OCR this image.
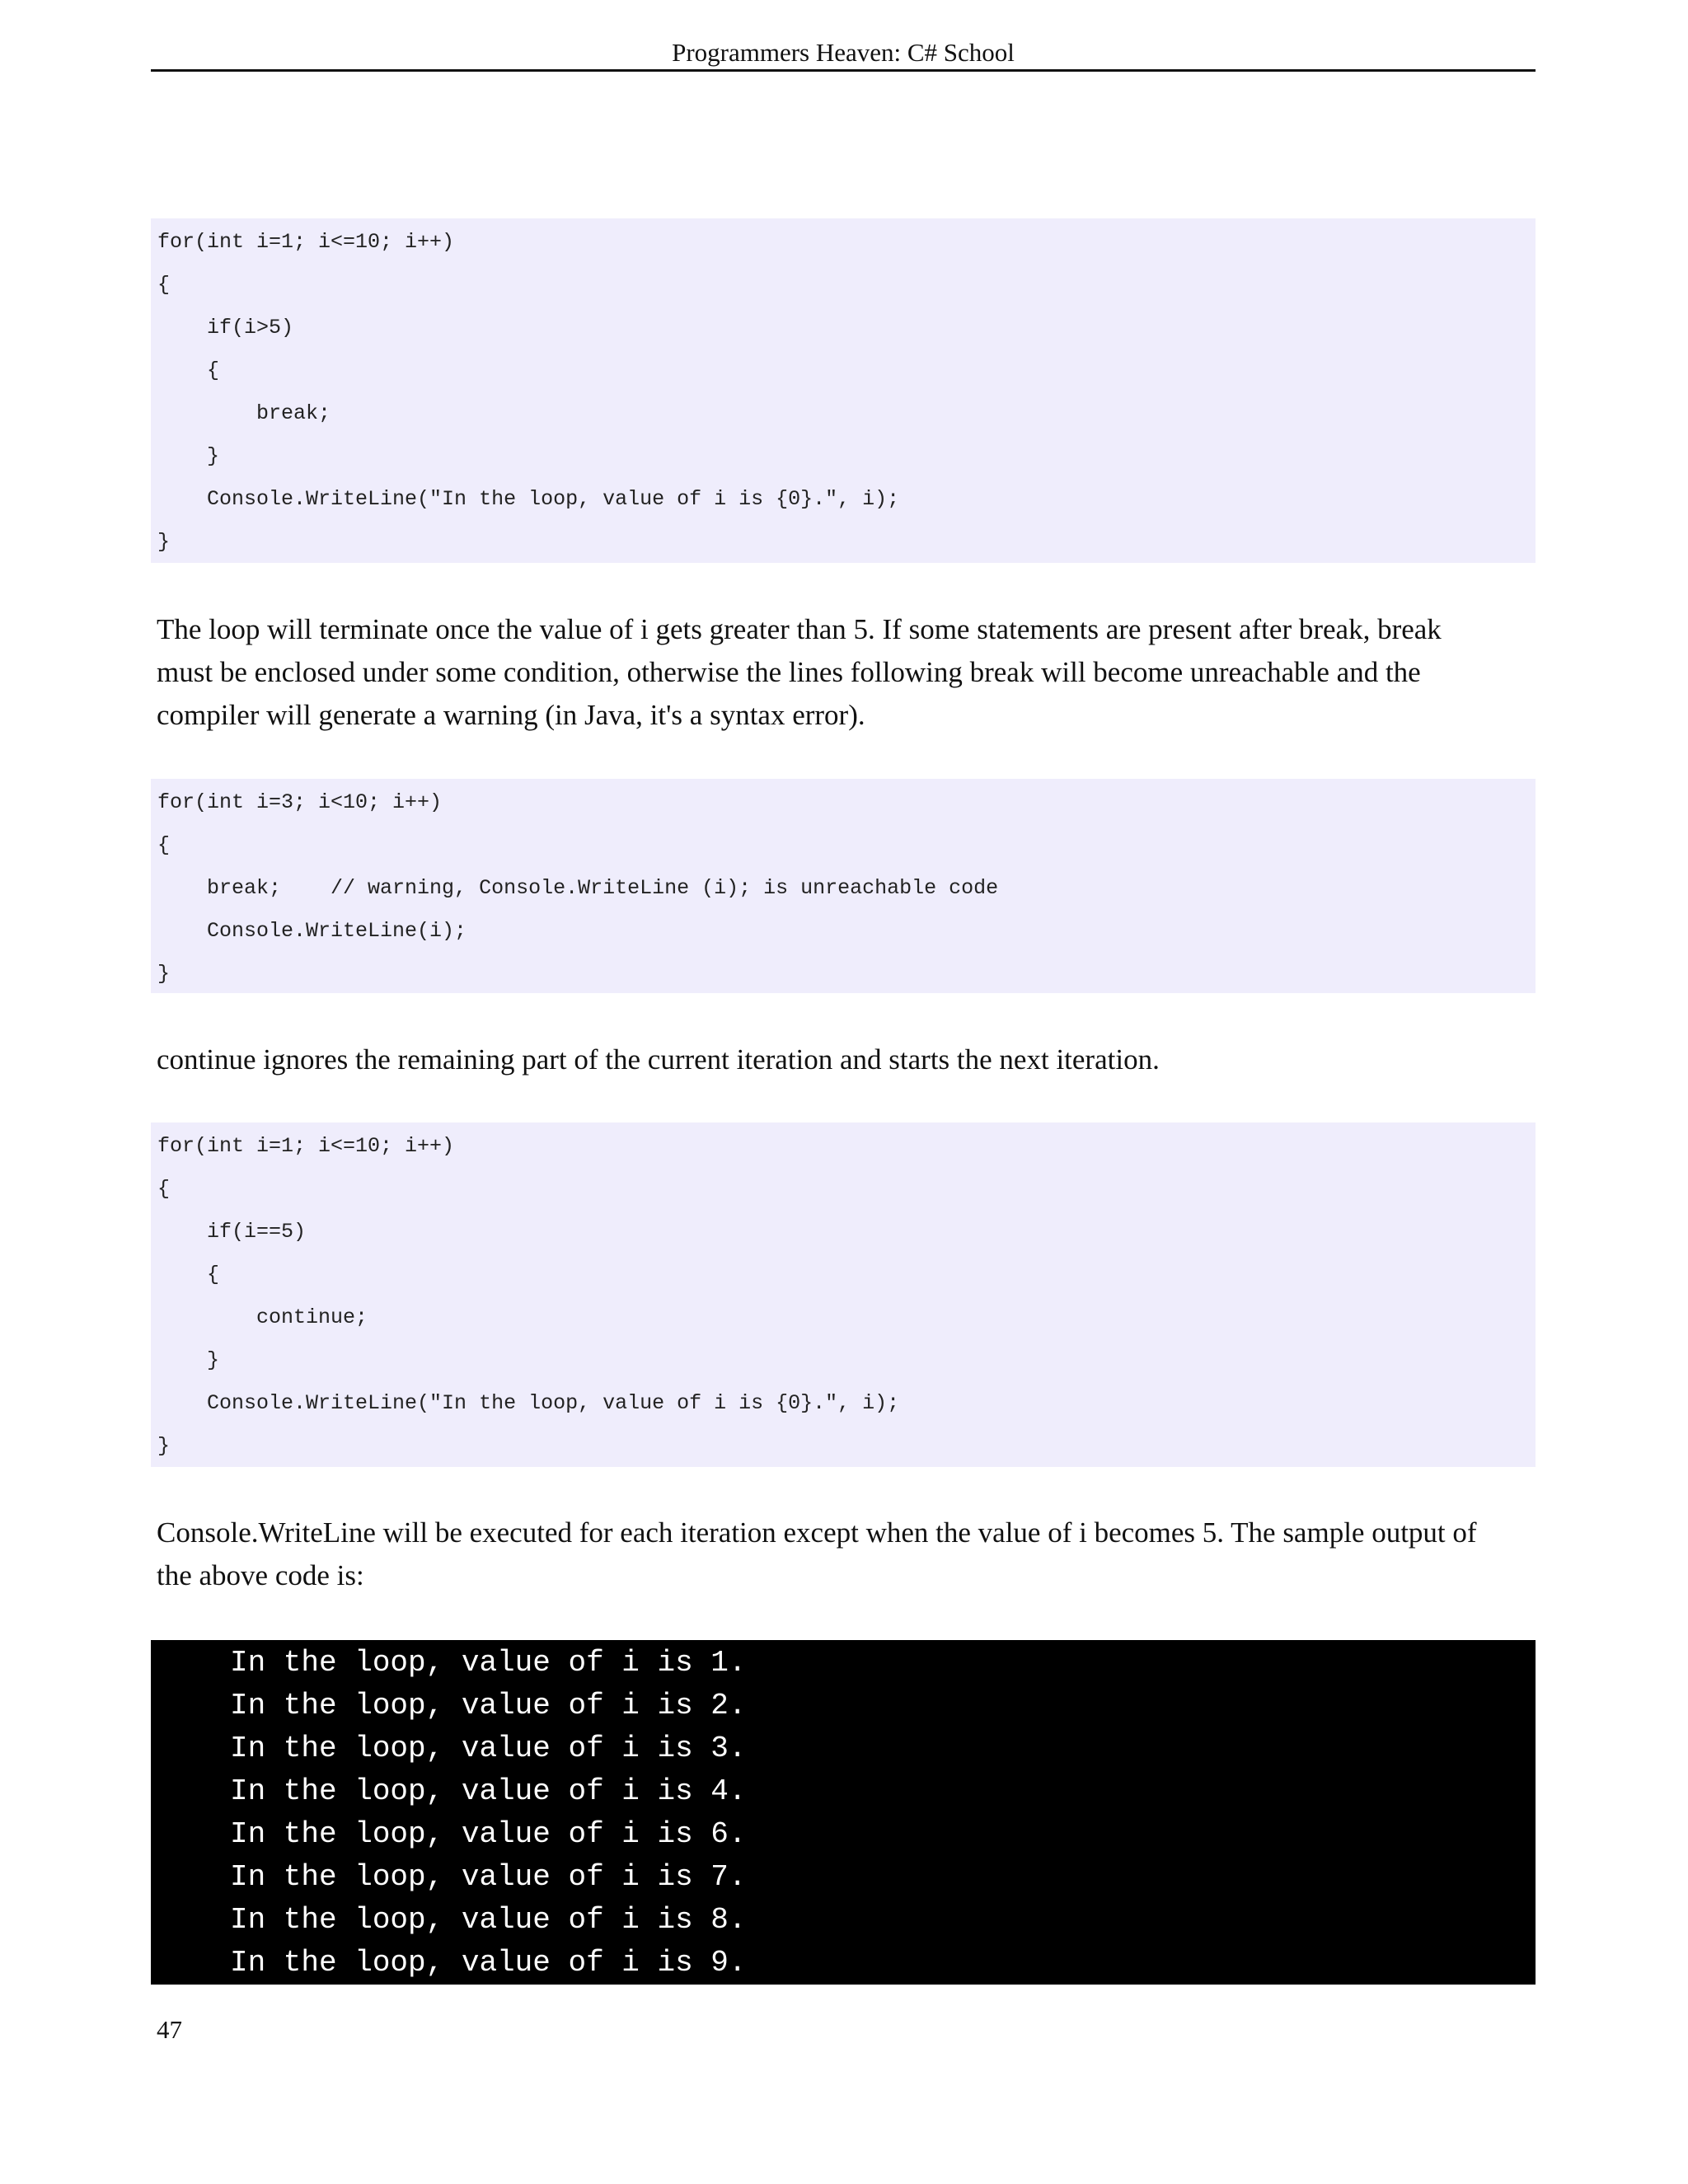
Programmers Heaven: C# School
for(int i=1; i<=10; i++)
{
if(i>5)
{
break;
}
Console.WriteLine("In the loop, value of i is {0}.", i);
}
The loop will terminate once the value of i gets greater than 5. If some statements are present after break, break
must be enclosed under some condition, otherwise the lines following break will become unreachable and the
compiler will generate a warning (in Java, it's a syntax error).
for(int i=3; i<10; i++)
{
break;    // warning, Console.WriteLine (i); is unreachable code
Console.WriteLine(i);
}
continue ignores the remaining part of the current iteration and starts the next iteration.
for(int i=1; i<=10; i++)
{
if(i==5)
{
continue;
}
Console.WriteLine("In the loop, value of i is {0}.", i);
}
Console.WriteLine will be executed for each iteration except when the value of i becomes 5. The sample output of
the above code is:
In the loop, value of i is 1.
In the loop, value of i is 2.
In the loop, value of i is 3.
In the loop, value of i is 4.
In the loop, value of i is 6.
In the loop, value of i is 7.
In the loop, value of i is 8.
In the loop, value of i is 9.
47
